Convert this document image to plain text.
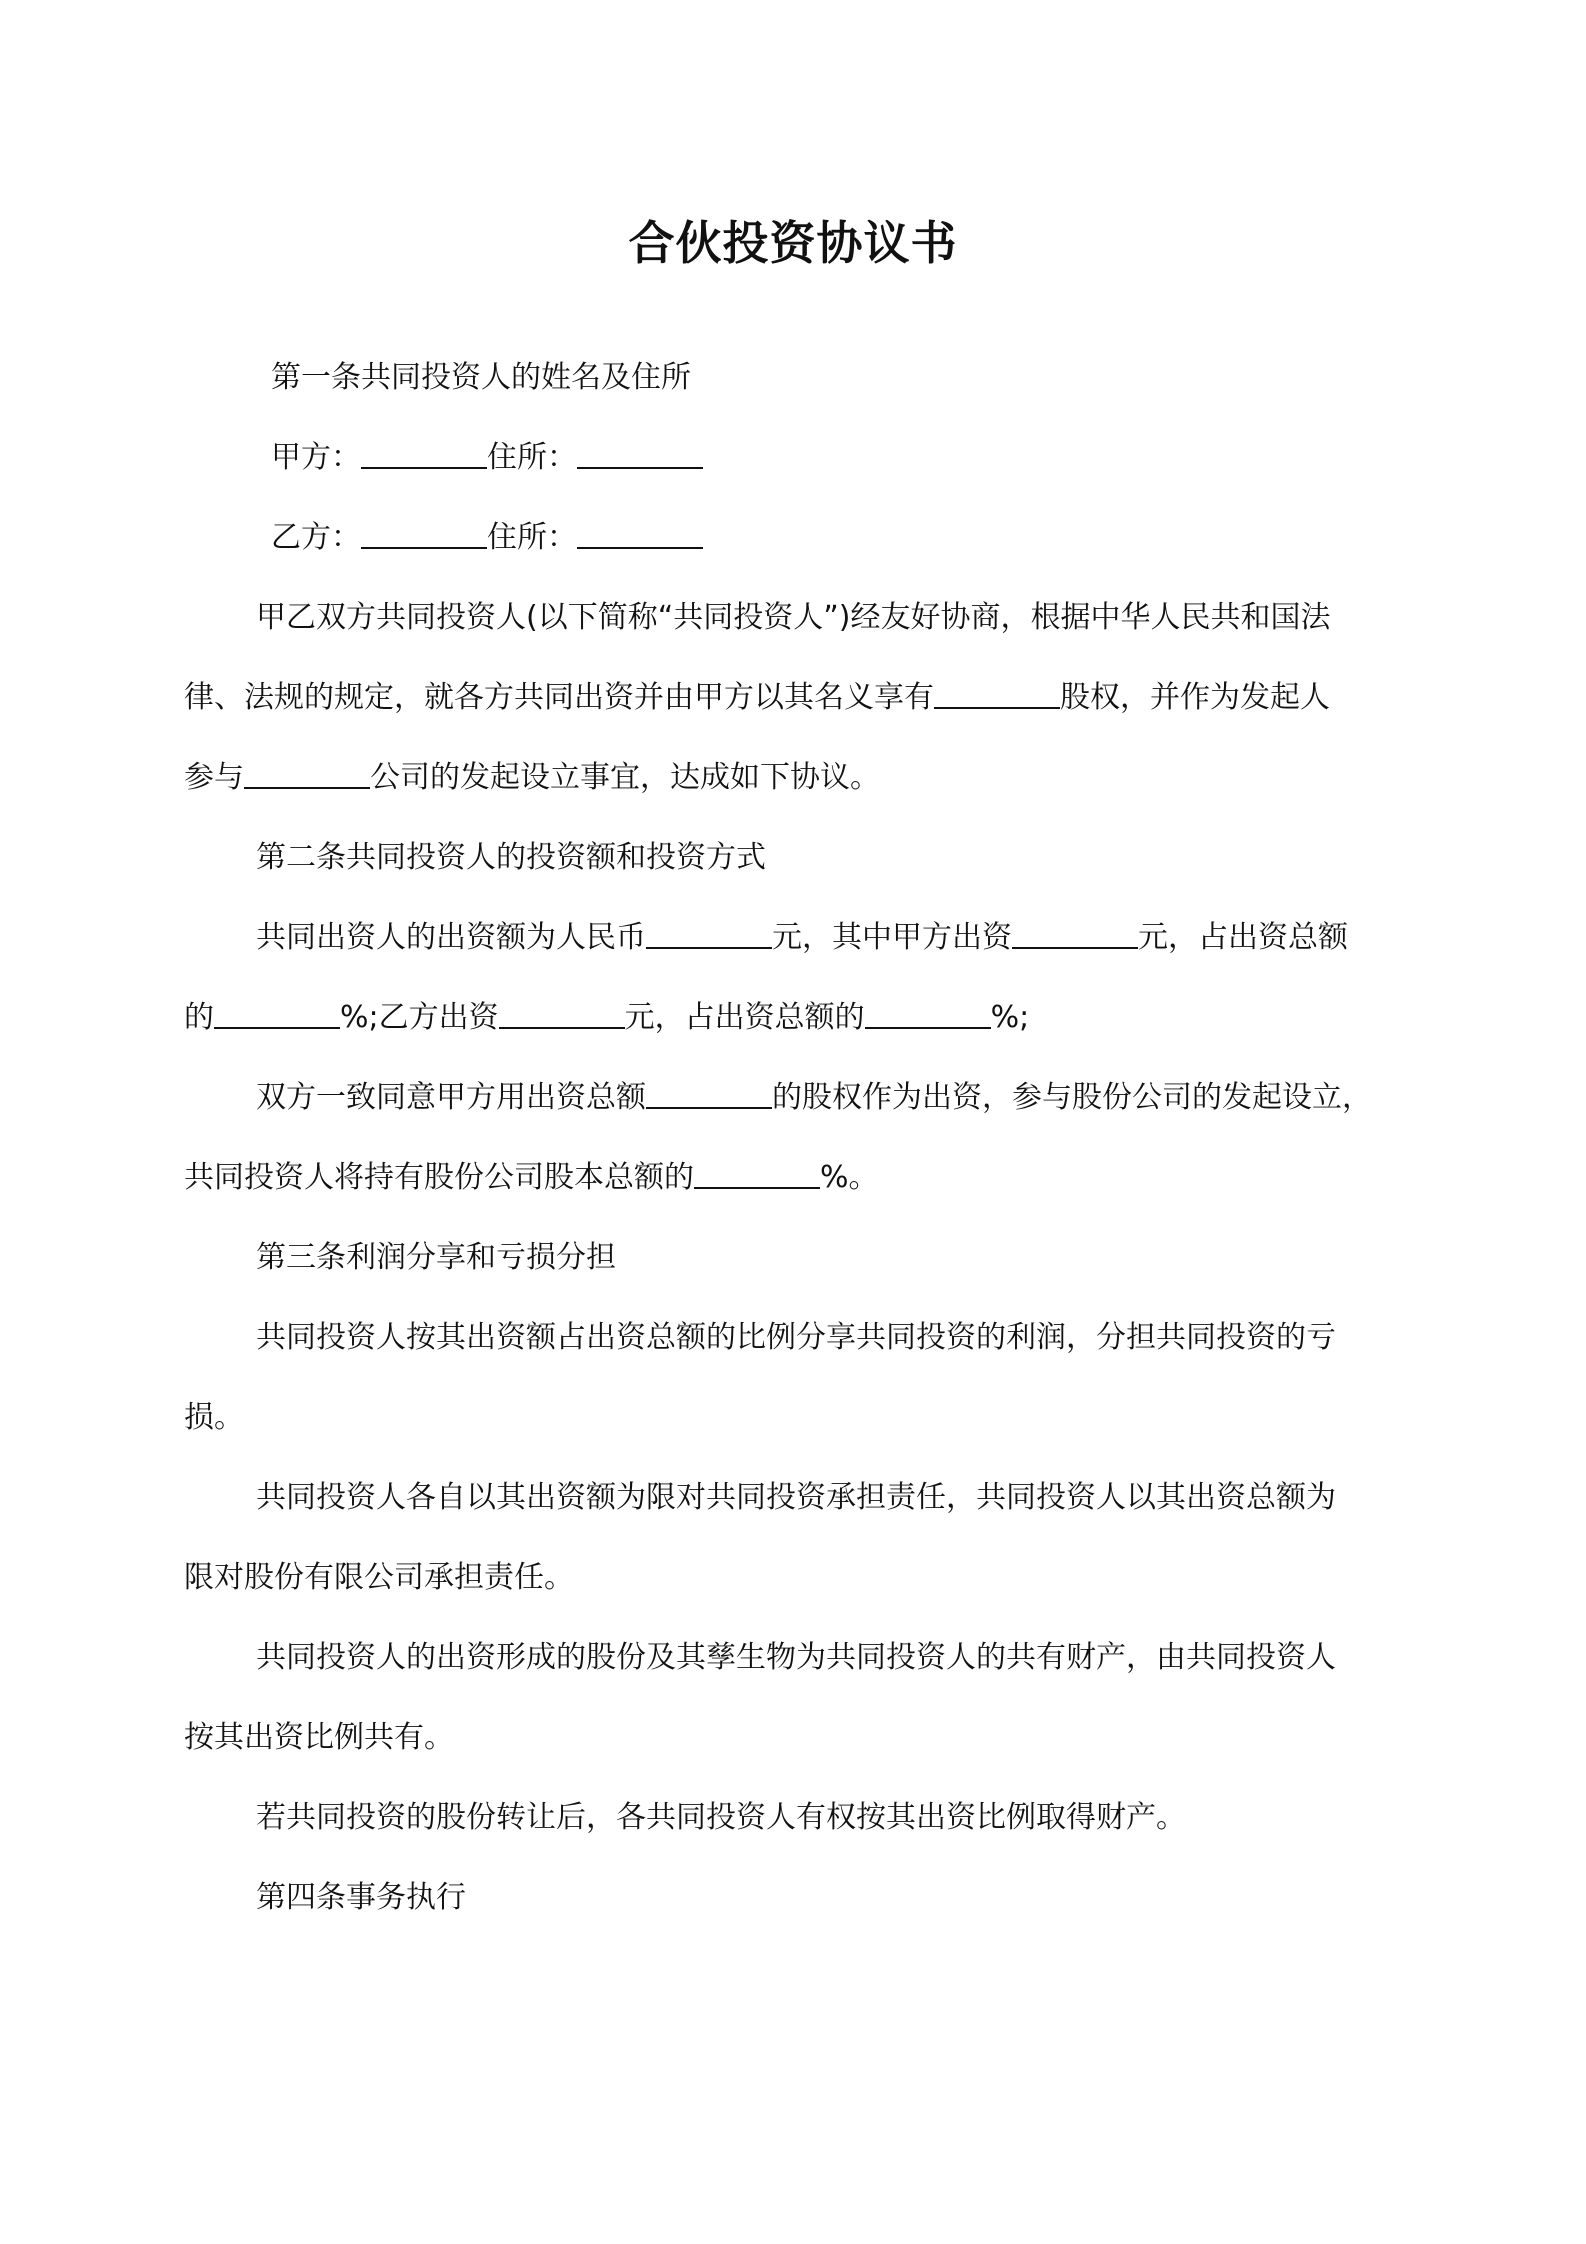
合伙投资协议书
第一条共同投资人的姓名及住所
甲方：	住所：
乙方：	住所：
甲乙双方共同投资人(以下简称“共同投资人”)经友好协商，根据中华人民共和国法
律、法规的规定，就各方共同出资并由甲方以其名义享有	股权，并作为发起人
参与	公司的发起设立事宜，达成如下协议。
第二条共同投资人的投资额和投资方式
共同出资人的出资额为人民币	元，其中甲方出资	元，占出资总额
的	%;乙方出资	元，占出资总额的	%;
双方一致同意甲方用出资总额	的股权作为出资，参与股份公司的发起设立，
共同投资人将持有股份公司股本总额的	%。
第三条利润分享和亏损分担
共同投资人按其出资额占出资总额的比例分享共同投资的利润，分担共同投资的亏
损。
共同投资人各自以其出资额为限对共同投资承担责任，共同投资人以其出资总额为
限对股份有限公司承担责任。
共同投资人的出资形成的股份及其孳生物为共同投资人的共有财产，由共同投资人
按其出资比例共有。
若共同投资的股份转让后，各共同投资人有权按其出资比例取得财产。
第四条事务执行
